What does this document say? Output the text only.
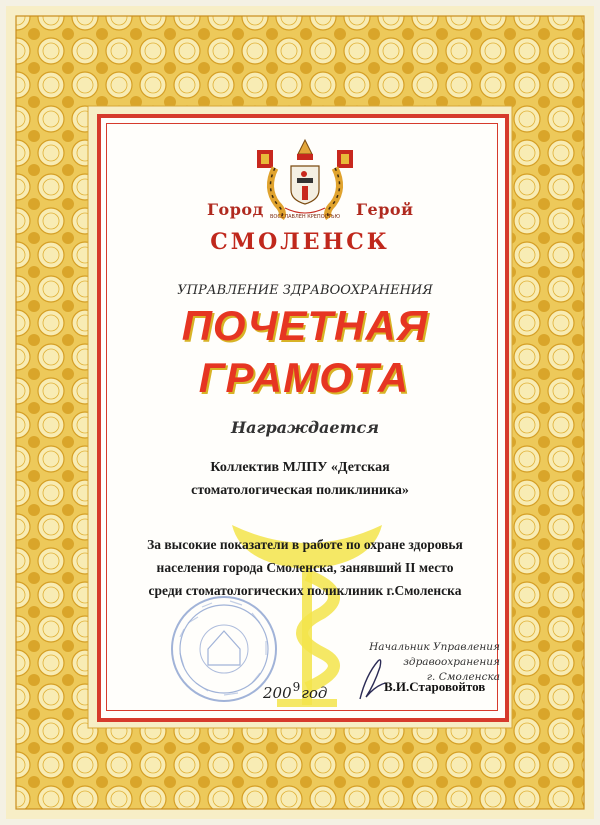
ВОССЛАВЛЕН КРЕПОСТЬЮ
Город	Герой
СМОЛЕНСК
УПРАВЛЕНИЕ ЗДРАВООХРАНЕНИЯ
ПОЧЕТНАЯ
ГРАМОТА
Награждается
Коллектив МЛПУ «Детская
стоматологическая поликлиника»
За высокие показатели в работе по охране здоровья
населения города Смоленска, занявший II место
среди стоматологических поликлиник г.Смоленска
Начальник Управления
здравоохранения
г. Смоленска
В.И.Старовойтов
$200^9год$
